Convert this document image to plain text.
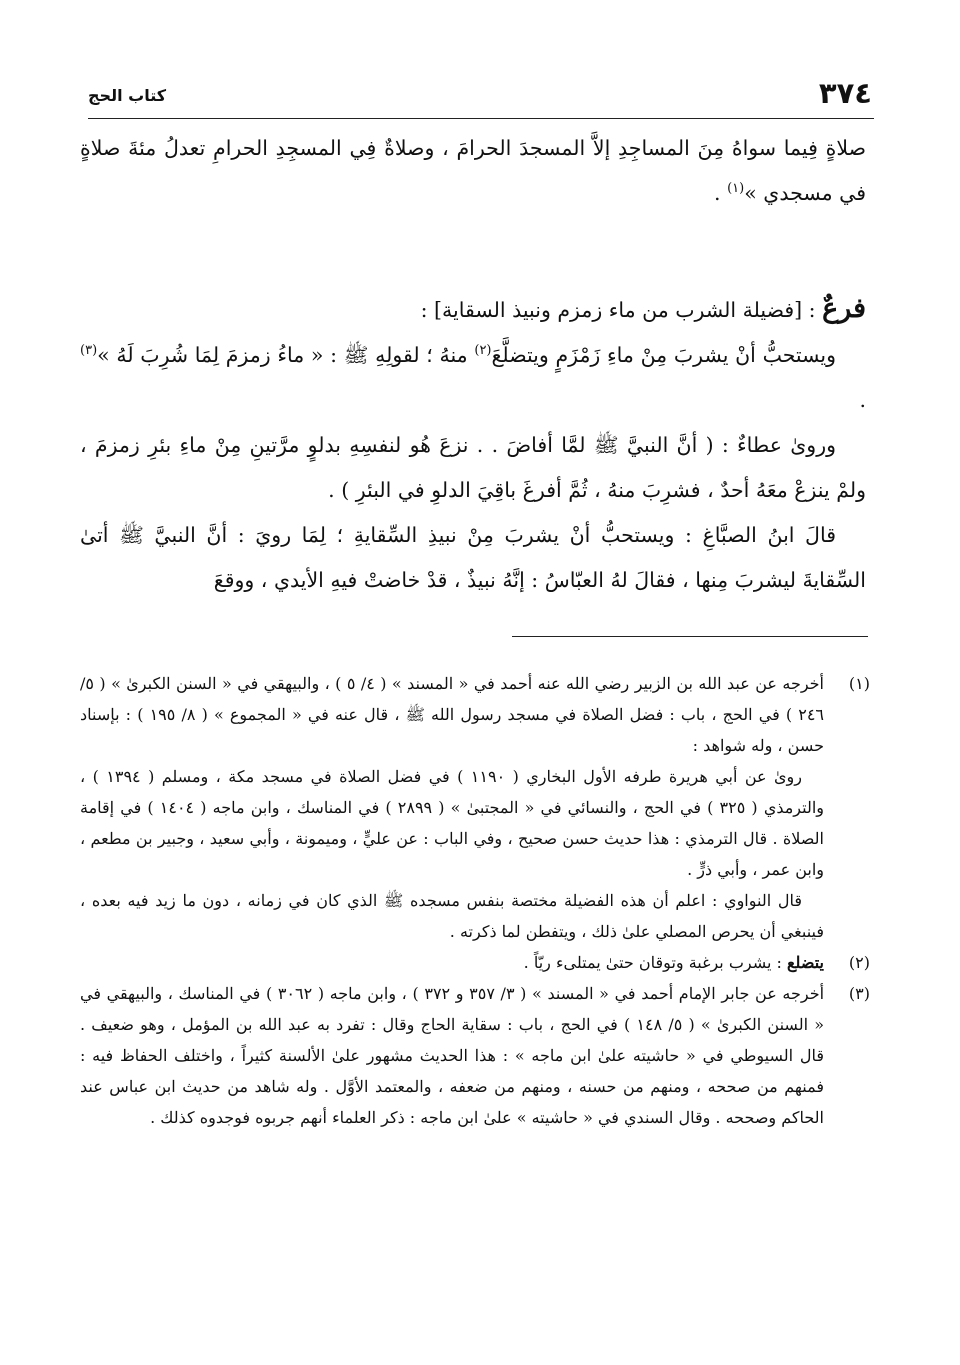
٣٧٤
كتاب الحج

صلاةٍ فِيما سواهُ مِنَ المساجِدِ إلاَّ المسجدَ الحرامَ ، وصلاةٌ فِي المسجِدِ الحرامِ تعدلُ مئةَ صلاةٍ في مسجدي »$^{(١)}$ .

فرعٌ : [فضيلة الشرب من ماء زمزم ونبيذ السقاية] :

ويستحبُّ أنْ يشربَ مِنْ ماءِ زَمْزَمٍ ويتضلَّعَ$^{(٢)}$ منهُ ؛ لقولِهِ ﷺ : « ماءُ زمزمَ لِمَا شُرِبَ لَهُ »$^{(٣)}$ .

وروىٰ عطاءٌ : ( أنَّ النبيَّ ﷺ لمَّا أفاضَ . . نزعَ هُو لنفسِهِ بدلوٍ مرَّتينِ مِنْ ماءِ بئرِ زمزمَ ، ولمْ ينزعْ معَهُ أحدٌ ، فشرِبَ منهُ ، ثُمَّ أفرغَ باقِيَ الدلوِ في البئرِ ) .

قالَ ابنُ الصبَّاغِ : ويستحبُّ أنْ يشربَ مِنْ نبيذِ السِّقايةِ ؛ لِمَا رويَ : أنَّ النبيَّ ﷺ أتىٰ السِّقايةَ ليشربَ مِنها ، فقالَ لهُ العبّاسُ : إنَّهُ نبيذٌ ، قدْ خاضتْ فيهِ الأيدي ، ووقعَ

(١)

أخرجه عن عبد الله بن الزبير رضي الله عنه أحمد في « المسند » ( ٤/ ٥ ) ، والبيهقي في « السنن الكبرىٰ » ( ٥/ ٢٤٦ ) في الحج ، باب : فضل الصلاة في مسجد رسول الله ﷺ ، قال عنه في « المجموع » ( ٨/ ١٩٥ ) : بإسناد حسن ، وله شواهد :

رویٰ عن أبي هريرة طرفه الأول البخاري ( ١١٩٠ ) في فضل الصلاة في مسجد مكة ، ومسلم ( ١٣٩٤ ) ، والترمذي ( ٣٢٥ ) في الحج ، والنسائي في « المجتبیٰ » ( ٢٨٩٩ ) في المناسك ، وابن ماجه ( ١٤٠٤ ) في إقامة الصلاة . قال الترمذي : هذا حديث حسن صحيح ، وفي الباب : عن عليٍّ ، وميمونة ، وأبي سعيد ، وجبير بن مطعم ، وابن عمر ، وأبي ذرٍّ .

قال النواوي : اعلم أن هذه الفضيلة مختصة بنفس مسجده ﷺ الذي كان في زمانه ، دون ما زيد فيه بعده ، فينبغي أن يحرص المصلي علىٰ ذلك ، ويتفطن لما ذكرته .

(٢)

يتضلع : يشرب برغبة وتوقان حتىٰ يمتلىء ريّاً .

(٣)

أخرجه عن جابر الإمام أحمد في « المسند » ( ٣/ ٣٥٧ و ٣٧٢ ) ، وابن ماجه ( ٣٠٦٢ ) في المناسك ، والبيهقي في « السنن الكبرىٰ » ( ٥/ ١٤٨ ) في الحج ، باب : سقاية الحاج وقال : تفرد به عبد الله بن المؤمل ، وهو ضعيف . قال السيوطي في « حاشيته علىٰ ابن ماجه » : هذا الحديث مشهور علىٰ الألسنة كثيراً ، واختلف الحفاظ فيه : فمنهم من صححه ، ومنهم من حسنه ، ومنهم من ضعفه ، والمعتمد الأوَّل . وله شاهد من حديث ابن عباس عند الحاكم وصححه . وقال السندي في « حاشيته » علىٰ ابن ماجه : ذكر العلماء أنهم جربوه فوجدوه كذلك .
